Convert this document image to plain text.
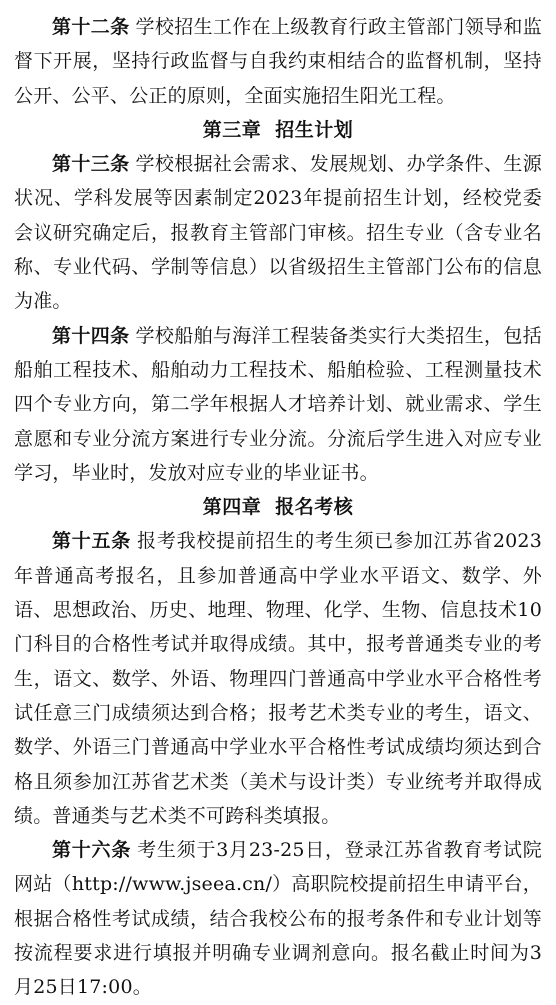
第十二条 学校招生工作在上级教育行政主管部门领导和监督下开展，坚持行政监督与自我约束相结合的监督机制，坚持公开、公平、公正的原则，全面实施招生阳光工程。

第三章 招生计划

第十三条 学校根据社会需求、发展规划、办学条件、生源状况、学科发展等因素制定2023年提前招生计划，经校党委会议研究确定后，报教育主管部门审核。招生专业（含专业名称、专业代码、学制等信息）以省级招生主管部门公布的信息为准。

第十四条 学校船舶与海洋工程装备类实行大类招生，包括船舶工程技术、船舶动力工程技术、船舶检验、工程测量技术四个专业方向，第二学年根据人才培养计划、就业需求、学生意愿和专业分流方案进行专业分流。分流后学生进入对应专业学习，毕业时，发放对应专业的毕业证书。

第四章 报名考核

第十五条 报考我校提前招生的考生须已参加江苏省2023年普通高考报名，且参加普通高中学业水平语文、数学、外语、思想政治、历史、地理、物理、化学、生物、信息技术10门科目的合格性考试并取得成绩。其中，报考普通类专业的考生，语文、数学、外语、物理四门普通高中学业水平合格性考试任意三门成绩须达到合格；报考艺术类专业的考生，语文、数学、外语三门普通高中学业水平合格性考试成绩均须达到合格且须参加江苏省艺术类（美术与设计类）专业统考并取得成绩。普通类与艺术类不可跨科类填报。

第十六条 考生须于3月23-25日，登录江苏省教育考试院网站（http://www.jseea.cn/）高职院校提前招生申请平台，根据合格性考试成绩，结合我校公布的报考条件和专业计划等按流程要求进行填报并明确专业调剂意向。报名截止时间为3月25日17:00。
